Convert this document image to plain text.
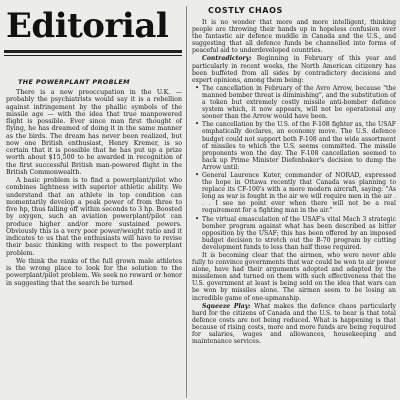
Editorial
THE POWERPLANT PROBLEM

There is a new preoccupation in the U.K. — probably the psychiatrists would say it is a rebellion against infringement by the phallic symbols of the missile age — with the idea that true manpowered flight is possible. Ever since man first thought of flying, he has dreamed of doing it in the same manner as the birds. The dream has never been realized, but now one British enthusiast, Henry Kremer, is so certain that it is possible that he has put up a prize worth about $15,500 to be awarded in recognition of the first successful British man-powered flight in the British Commonwealth.

A basic problem is to find a powerplant/pilot who combines lightness with superior athletic ability. We understand that an athlete in top condition can momentarily develop a peak power of from three to five hp, thus falling off within seconds to 3 hp. Boosted by oxygen, such an aviation powerplant/pilot can produce higher and/or more sustained powers. Obviously this is a very poor power/weight ratio and it indicates to us that the enthusiasts will have to revise their basic thinking with respect to the powerplant problem.

We think the ranks of the full grown male athletes is the wrong place to look for the solution to the powerplant/pilot problem. We seek no reward or honor in suggesting that the search be turned

COSTLY CHAOS

It is no wonder that more and more intelligent, thinking people are throwing their hands up in hopeless confusion over the fantastic air defence muddle in Canada and the U.S., and suggesting that all defence funds be channelled into forms of peaceful aid to underdeveloped countries.

Contradictory: Beginning in February of this year and particularly in recent weeks, the North American citizenry has been buffeted from all sides by contradictory decisions and expert opinions, among them being:

• The cancellation in February of the Avro Arrow, because "the manned bomber threat is diminishing", and the substitution of a token but extremely costly missile anti-bomber defence system which, it now appears, will not be operational any sooner than the Arrow would have been.

• The cancellation by the U.S. of the F-108 fighter as, the USAF emphatically declares, an economy move. The U.S. defence budget could not support both F-108 and the wide assortment of missiles to which the U.S. seems committed. The missile proponents won the day. The F-108 cancellation seemed to back up Prime Minister Diefenbaker's decision to dump the Arrow until:

• General Laurence Kuter, commander of NORAD, expressed the hope in Ottawa recently that Canada was planning to replace its CF-100's with a more modern aircraft, saying: "As long as war is fought in the air we will require men in the air . . . I see no point ever when there will not be a real requirement for a fighting man in the air."

• The virtual emasculation of the USAF's vital Mach 3 strategic bomber program against what has been described as bitter opposition by the USAF; this has been offered by an imposed budget decision to stretch out the B-70 program by cutting development funds to less than half those required.

It is becoming clear that the airmen, who were never able fully to convince governments that war could be won to air power alone, have had their arguments adopted and adapted by the missilemen and turned on them with such effectiveness that the U.S. government at least is being sold on the idea that wars can be won by missiles alone. The airmen seem to be losing an incredible game of one-upmanship.

Squeeze Play: What makes the defence chaos particularly hard for the citizens of Canada and the U.S. to bear is that total defence costs are not being reduced. What is happening is that because of rising costs, more and more funds are being required for salaries, wages and allowances, housekeeping and maintenance services.
